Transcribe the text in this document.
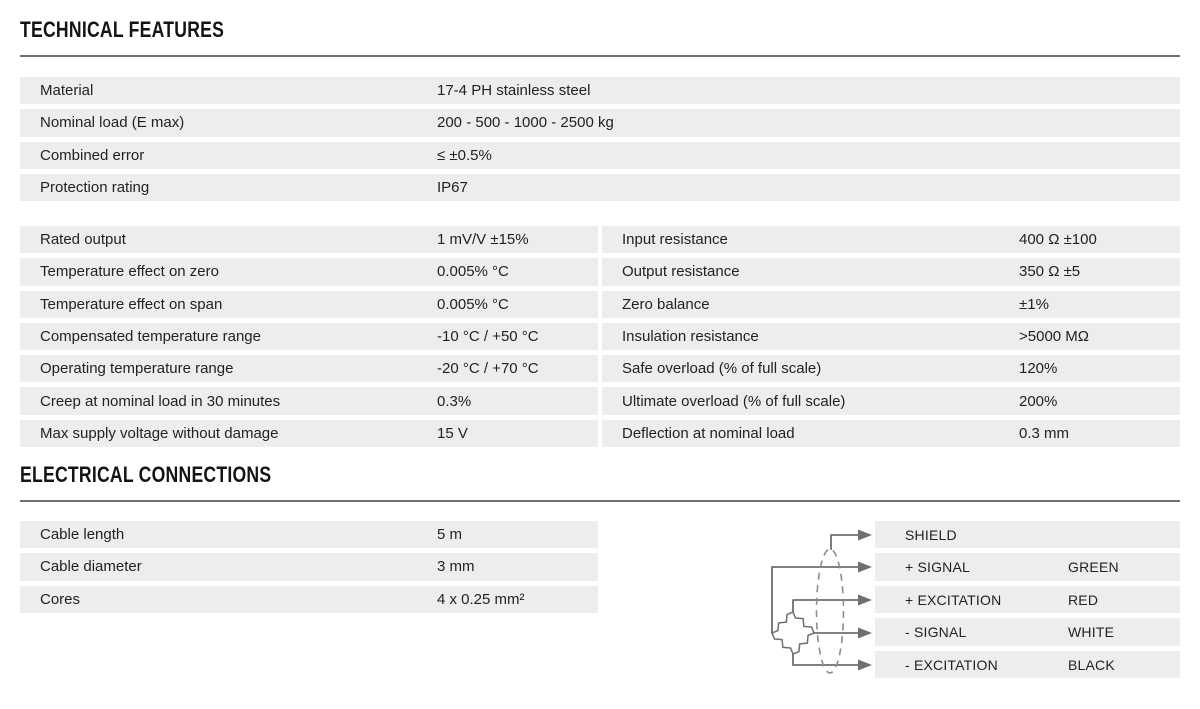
TECHNICAL FEATURES
Material	17-4 PH stainless steel
Nominal load (E max)	200 - 500 - 1000 - 2500 kg
Combined error	≤ ±0.5%
Protection rating	IP67
Rated output	1 mV/V ±15%
Temperature effect on zero	0.005% °C
Temperature effect on span	0.005% °C
Compensated temperature range	-10 °C / +50 °C
Operating temperature range	-20 °C / +70 °C
Creep at nominal load in 30 minutes	0.3%
Max supply voltage without damage	15 V
Input resistance	400 Ω ±100
Output resistance	350 Ω ±5
Zero balance	±1%
Insulation resistance	>5000 MΩ
Safe overload (% of full scale)	120%
Ultimate overload (% of full scale)	200%
Deflection at nominal load	0.3 mm
ELECTRICAL CONNECTIONS
Cable length	5 m
Cable diameter	3 mm
Cores	4 x 0.25 mm²
SHIELD
+ SIGNAL	GREEN
+ EXCITATION	RED
- SIGNAL	WHITE
- EXCITATION	BLACK
